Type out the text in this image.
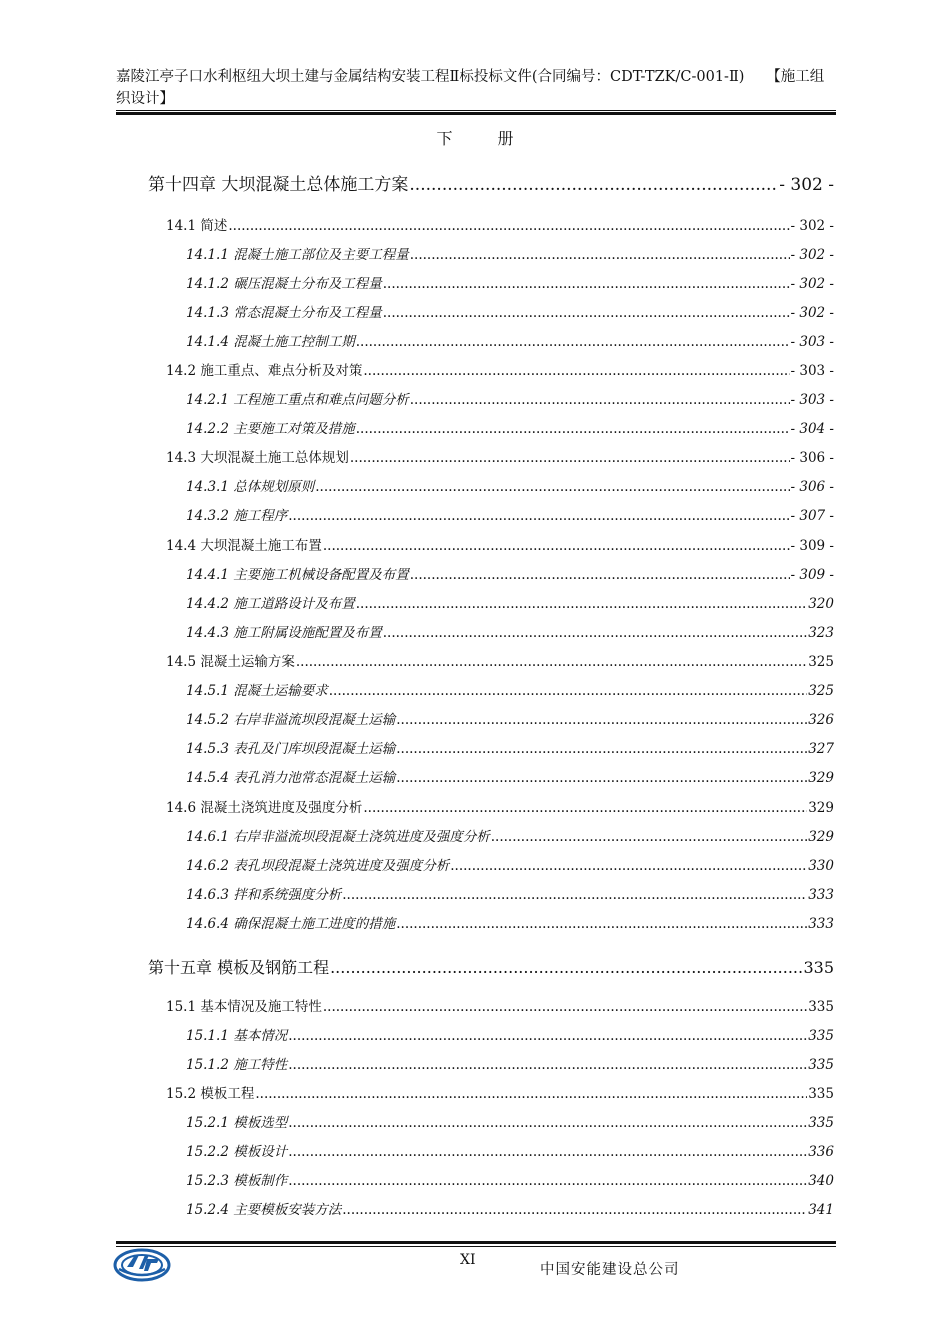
嘉陵江亭子口水利枢纽大坝土建与金属结构安装工程Ⅱ标投标文件(合同编号：CDT-TZK/C-001-Ⅱ)　　【施工组织设计】
下 册
第十四章 大坝混凝土总体施工方案 .....	- 302 -
14.1 简述 .....	- 302 -
14.1.1 混凝土施工部位及主要工程量 .....	- 302 -
14.1.2 碾压混凝土分布及工程量 .....	- 302 -
14.1.3 常态混凝土分布及工程量 .....	- 302 -
14.1.4 混凝土施工控制工期 .....	- 303 -
14.2 施工重点、难点分析及对策 .....	- 303 -
14.2.1 工程施工重点和难点问题分析 .....	- 303 -
14.2.2 主要施工对策及措施 .....	- 304 -
14.3 大坝混凝土施工总体规划 .....	- 306 -
14.3.1 总体规划原则 .....	- 306 -
14.3.2 施工程序 .....	- 307 -
14.4 大坝混凝土施工布置 .....	- 309 -
14.4.1 主要施工机械设备配置及布置 .....	- 309 -
14.4.2 施工道路设计及布置 .....	320
14.4.3 施工附属设施配置及布置 .....	323
14.5 混凝土运输方案 .....	325
14.5.1 混凝土运输要求 .....	325
14.5.2 右岸非溢流坝段混凝土运输 .....	326
14.5.3 表孔及门库坝段混凝土运输 .....	327
14.5.4 表孔消力池常态混凝土运输 .....	329
14.6 混凝土浇筑进度及强度分析 .....	329
14.6.1 右岸非溢流坝段混凝土浇筑进度及强度分析 .....	329
14.6.2 表孔坝段混凝土浇筑进度及强度分析 .....	330
14.6.3 拌和系统强度分析 .....	333
14.6.4 确保混凝土施工进度的措施 .....	333
第十五章 模板及钢筋工程 .....	335
15.1 基本情况及施工特性 .....	335
15.1.1 基本情况 .....	335
15.1.2 施工特性 .....	335
15.2 模板工程 .....	335
15.2.1 模板选型 .....	335
15.2.2 模板设计 .....	336
15.2.3 模板制作 .....	340
15.2.4 主要模板安装方法 .....	341
XI
中国安能建设总公司
